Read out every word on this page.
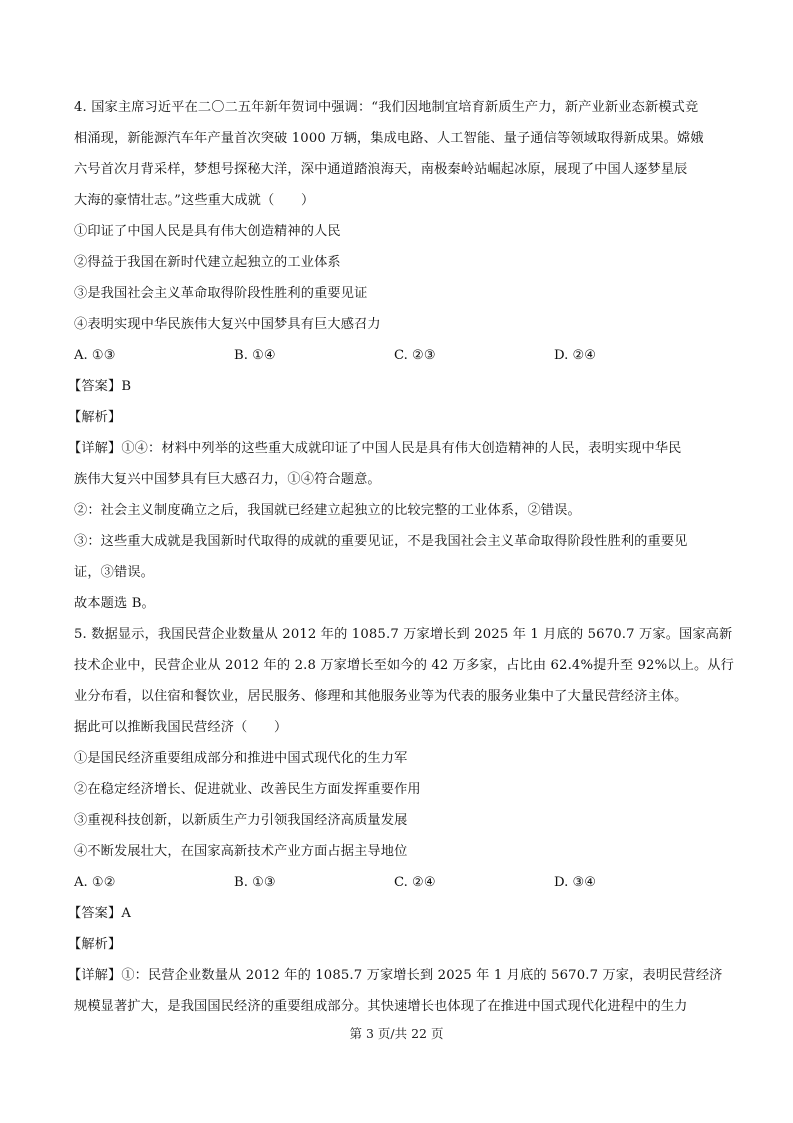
4. 国家主席习近平在二〇二五年新年贺词中强调：“我们因地制宜培育新质生产力，新产业新业态新模式竞
相涌现，新能源汽车年产量首次突破 1000 万辆，集成电路、人工智能、量子通信等领域取得新成果。嫦娥
六号首次月背采样，梦想号探秘大洋，深中通道踏浪海天，南极秦岭站崛起冰原，展现了中国人逐梦星辰
大海的豪情壮志。”这些重大成就（　　）
①印证了中国人民是具有伟大创造精神的人民
②得益于我国在新时代建立起独立的工业体系
③是我国社会主义革命取得阶段性胜利的重要见证
④表明实现中华民族伟大复兴中国梦具有巨大感召力
A. ①③	B. ①④	C. ②③	D. ②④
【答案】B
【解析】
【详解】①④：材料中列举的这些重大成就印证了中国人民是具有伟大创造精神的人民，表明实现中华民
族伟大复兴中国梦具有巨大感召力，①④符合题意。
②：社会主义制度确立之后，我国就已经建立起独立的比较完整的工业体系，②错误。
③：这些重大成就是我国新时代取得的成就的重要见证，不是我国社会主义革命取得阶段性胜利的重要见
证，③错误。
故本题选 B。
5. 数据显示，我国民营企业数量从 2012 年的 1085.7 万家增长到 2025 年 1 月底的 5670.7 万家。国家高新
技术企业中，民营企业从 2012 年的 2.8 万家增长至如今的 42 万多家，占比由 62.4%提升至 92%以上。从行
业分布看，以住宿和餐饮业，居民服务、修理和其他服务业等为代表的服务业集中了大量民营经济主体。
据此可以推断我国民营经济（　　）
①是国民经济重要组成部分和推进中国式现代化的生力军
②在稳定经济增长、促进就业、改善民生方面发挥重要作用
③重视科技创新，以新质生产力引领我国经济高质量发展
④不断发展壮大，在国家高新技术产业方面占据主导地位
A. ①②	B. ①③	C. ②④	D. ③④
【答案】A
【解析】
【详解】①：民营企业数量从 2012 年的 1085.7 万家增长到 2025 年 1 月底的 5670.7 万家，表明民营经济
规模显著扩大，是我国国民经济的重要组成部分。其快速增长也体现了在推进中国式现代化进程中的生力
第 3 页/共 22 页
